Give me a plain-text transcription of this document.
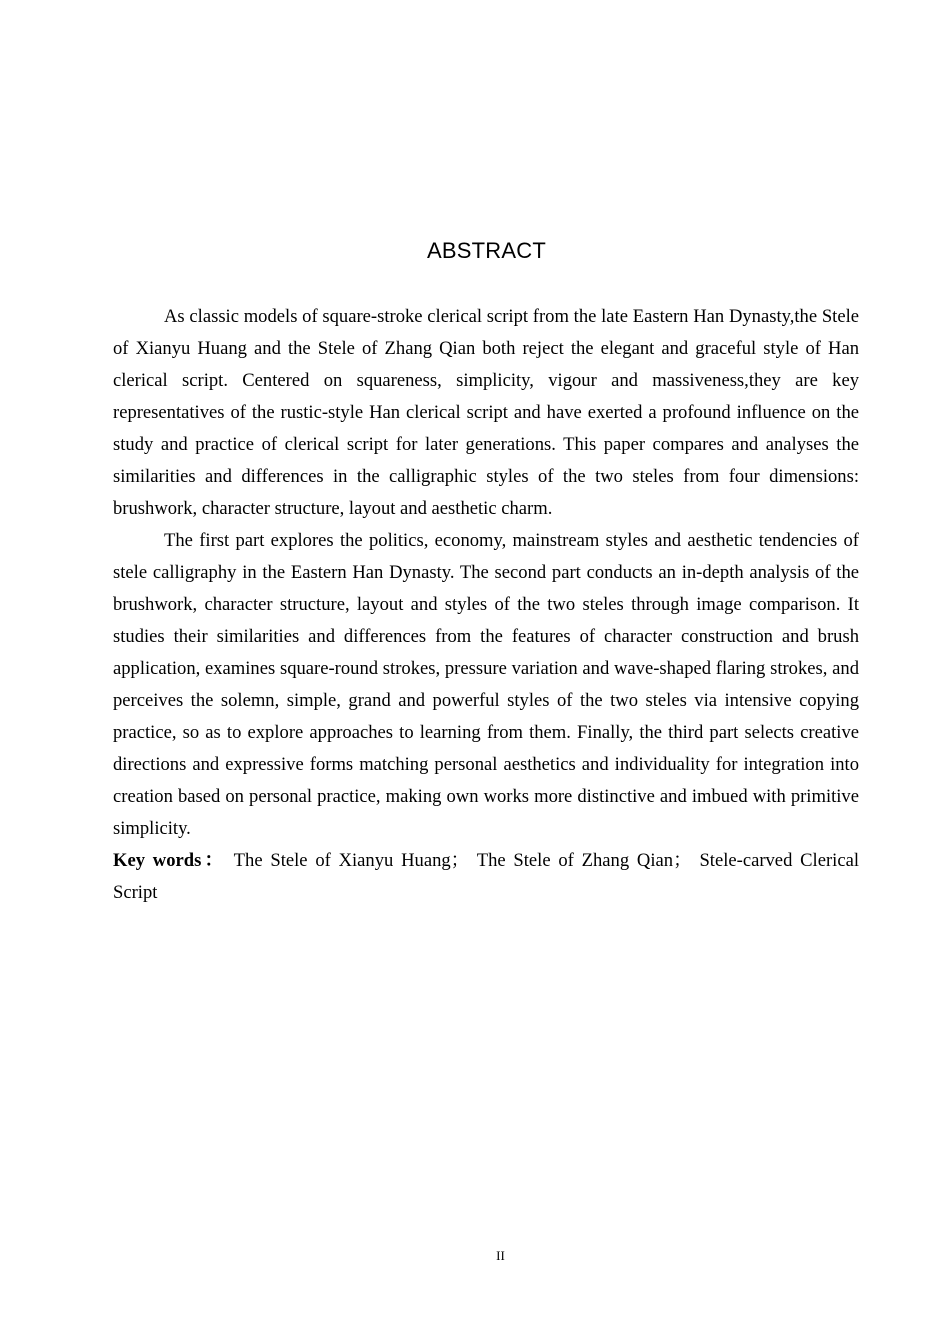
ABSTRACT

As classic models of square-stroke clerical script from the late Eastern Han Dynasty,the Stele of Xianyu Huang and the Stele of Zhang Qian both reject the elegant and graceful style of Han clerical script. Centered on squareness, simplicity, vigour and massiveness,they are key representatives of the rustic-style Han clerical script and have exerted a profound influence on the study and practice of clerical script for later generations. This paper compares and analyses the similarities and differences in the calligraphic styles of the two steles from four dimensions: brushwork, character structure, layout and aesthetic charm.

The first part explores the politics, economy, mainstream styles and aesthetic tendencies of stele calligraphy in the Eastern Han Dynasty. The second part conducts an in-depth analysis of the brushwork, character structure, layout and styles of the two steles through image comparison. It studies their similarities and differences from the features of character construction and brush application, examines square-round strokes, pressure variation and wave-shaped flaring strokes, and perceives the solemn, simple, grand and powerful styles of the two steles via intensive copying practice, so as to explore approaches to learning from them. Finally, the third part selects creative directions and expressive forms matching personal aesthetics and individuality for integration into creation based on personal practice, making own works more distinctive and imbued with primitive simplicity.

Key words： The Stele of Xianyu Huang； The Stele of Zhang Qian； Stele-carved Clerical Script

II
